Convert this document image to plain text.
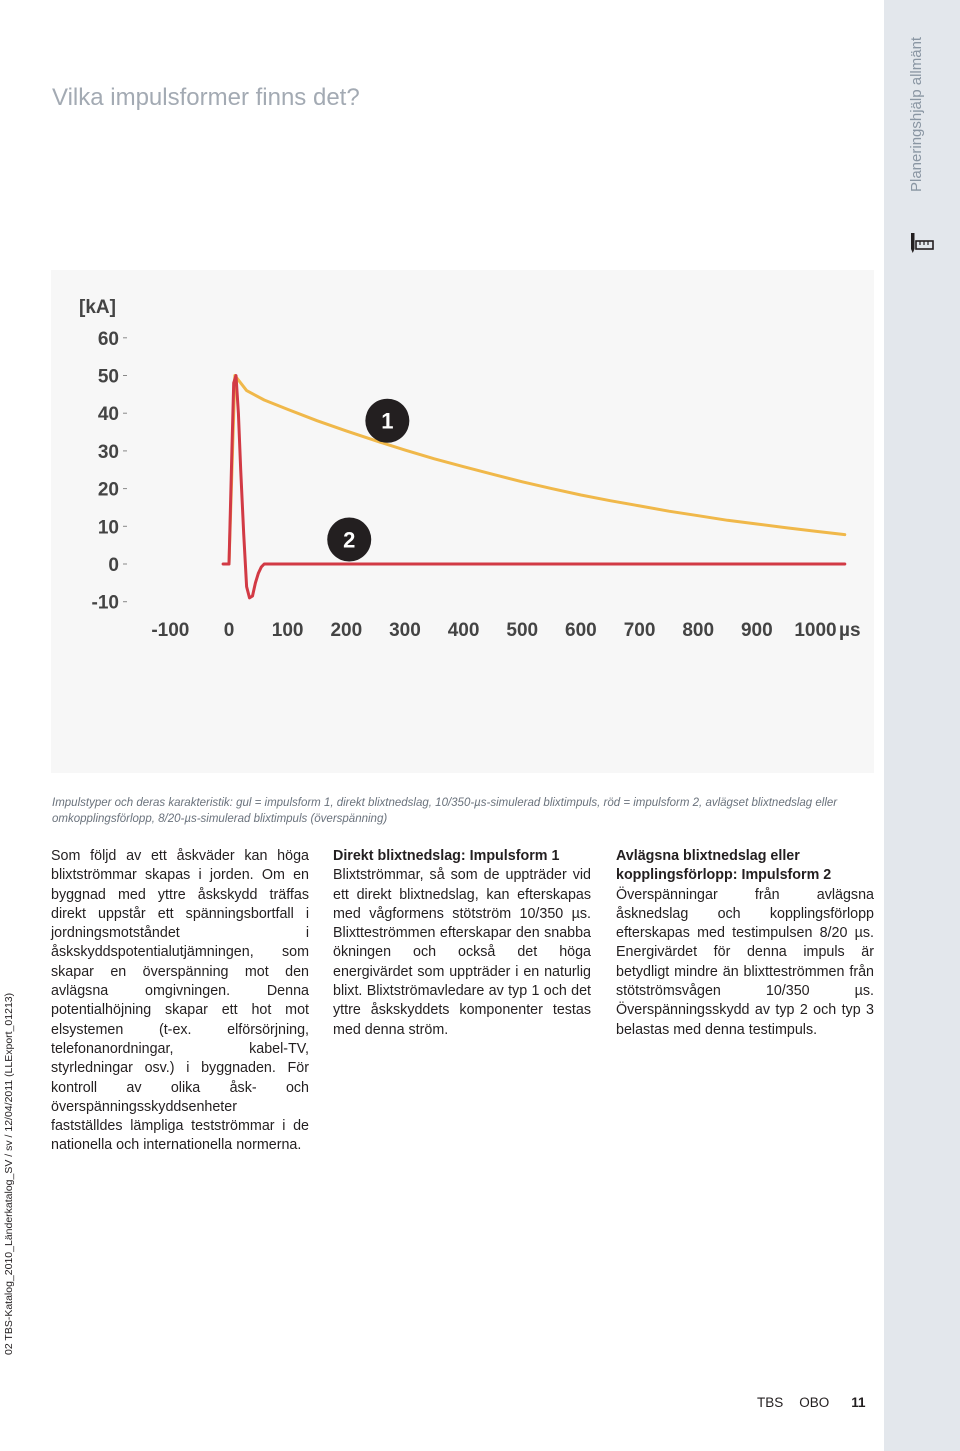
Planeringshjälp allmänt
02 TBS-Katalog_2010_Länderkatalog_SV / sv / 12/04/2011 (LLExport_01213)
Vilka impulsformer finns det?
[kA]
60
50
40
30
20
10
0
-10
-100 0 100 200 300 400 500 600 700 800 900 1000
1
2
µs
Impulstyper och deras karakteristik: gul = impulsform 1, direkt blixtnedslag, 10/350-µs-simulerad blixtimpuls, röd = impulsform 2, avlägset blixtnedslag eller omkopplingsförlopp, 8/20-µs-simulerad blixtimpuls (överspänning)

Som följd av ett åskväder kan höga blixtströmmar skapas i jorden. Om en byggnad med yttre åskskydd träffas direkt uppstår ett spänningsbortfall i jordningsmotståndet i åskskyddspotentialutjämningen, som skapar en överspänning mot den avlägsna omgivningen. Denna potentialhöjning skapar ett hot mot elsystemen (t-ex. elförsörjning, telefonanordningar, kabel-TV, styrledningar osv.) i byggnaden. För kontroll av olika åsk- och överspänningsskyddsenheter fastställdes lämpliga testströmmar i de nationella och internationella normerna.

Direkt blixtnedslag: Impulsform 1

Blixtströmmar, så som de uppträder vid ett direkt blixtnedslag, kan efterskapas med vågformens stötström 10/350 µs. Blixtteströmmen efterskapar den snabba ökningen och också det höga energivärdet som uppträder i en naturlig blixt. Blixtströmavledare av typ 1 och det yttre åskskyddets komponenter testas med denna ström.

Avlägsna blixtnedslag eller kopplingsförlopp: Impulsform 2

Överspänningar från avlägsna åsknedslag och kopplingsförlopp efterskapas med testimpulsen 8/20 µs. Energivärdet för denna impuls är betydligt mindre än blixtteströmmen från stötströmsvågen 10/350 µs. Överspänningsskydd av typ 2 och typ 3 belastas med denna testimpuls.

TBS OBO 11
